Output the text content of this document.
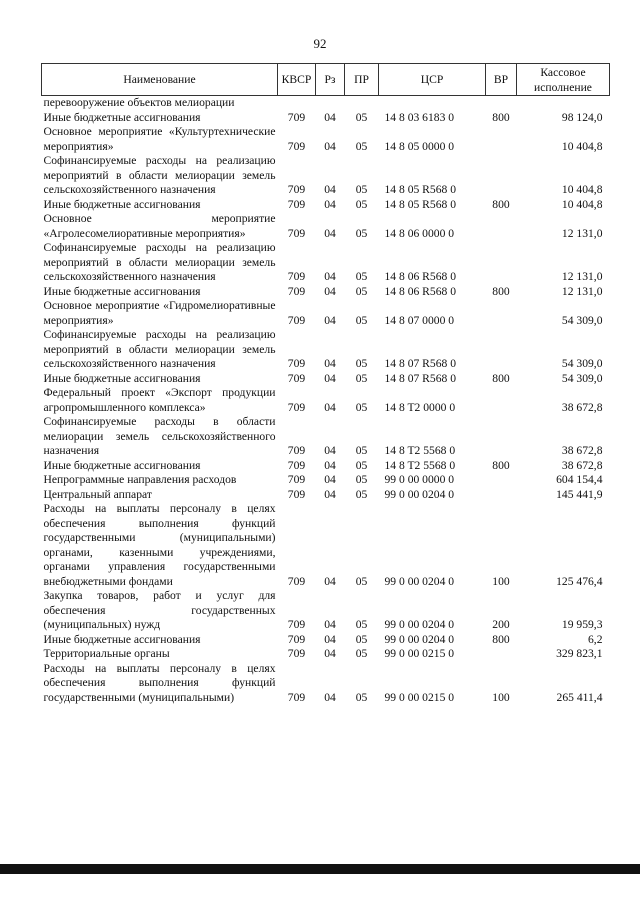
92
Наименование	КВСР	Рз	ПР	ЦСР	ВР	Кассовое исполнение
перевооружение объектов мелиорации						
Иные бюджетные ассигнования	709	04	05	14 8 03 6183 0	800	98 124,0
Основное мероприятие «Культуртехнические мероприятия»	709	04	05	14 8 05 0000 0		10 404,8
Софинансируемые расходы на реализацию мероприятий в области мелиорации земель сельскохозяйственного назначения	709	04	05	14 8 05 R568 0		10 404,8
Иные бюджетные ассигнования	709	04	05	14 8 05 R568 0	800	10 404,8
Основное мероприятие «Агролесомелиоративные мероприятия»	709	04	05	14 8 06 0000 0		12 131,0
Софинансируемые расходы на реализацию мероприятий в области мелиорации земель сельскохозяйственного назначения	709	04	05	14 8 06 R568 0		12 131,0
Иные бюджетные ассигнования	709	04	05	14 8 06 R568 0	800	12 131,0
Основное мероприятие «Гидромелиоративные мероприятия»	709	04	05	14 8 07 0000 0		54 309,0
Софинансируемые расходы на реализацию мероприятий в области мелиорации земель сельскохозяйственного назначения	709	04	05	14 8 07 R568 0		54 309,0
Иные бюджетные ассигнования	709	04	05	14 8 07 R568 0	800	54 309,0
Федеральный проект «Экспорт продукции агропромышленного комплекса»	709	04	05	14 8 T2 0000 0		38 672,8
Софинансируемые расходы в области мелиорации земель сельскохозяйственного назначения	709	04	05	14 8 T2 5568 0		38 672,8
Иные бюджетные ассигнования	709	04	05	14 8 T2 5568 0	800	38 672,8
Непрограммные направления расходов	709	04	05	99 0 00 0000 0		604 154,4
Центральный аппарат	709	04	05	99 0 00 0204 0		145 441,9
Расходы на выплаты персоналу в целях обеспечения выполнения функций государственными (муниципальными) органами, казенными учреждениями, органами управления государственными внебюджетными фондами	709	04	05	99 0 00 0204 0	100	125 476,4
Закупка товаров, работ и услуг для обеспечения государственных (муниципальных) нужд	709	04	05	99 0 00 0204 0	200	19 959,3
Иные бюджетные ассигнования	709	04	05	99 0 00 0204 0	800	6,2
Территориальные органы	709	04	05	99 0 00 0215 0		329 823,1
Расходы на выплаты персоналу в целях обеспечения выполнения функций государственными (муниципальными)	709	04	05	99 0 00 0215 0	100	265 411,4
